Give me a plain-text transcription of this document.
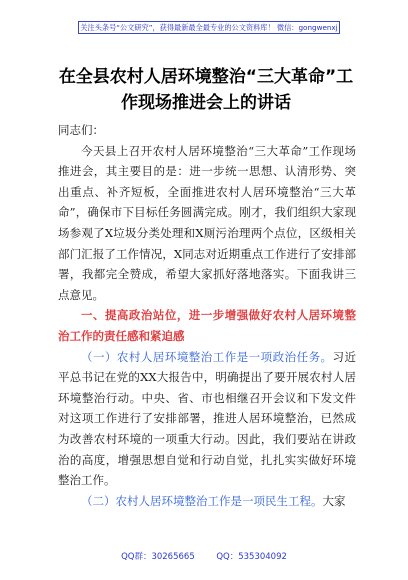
关注头条号“公文研究”，获得最新最全最专业的公文资料库！ 微信：gongwenxj
在全县农村人居环境整治“三大革命”工作现场推进会上的讲话

同志们：

今天县上召开农村人居环境整治“三大革命”工作现场推进会，其主要目的是：进一步统一思想、认清形势、突出重点、补齐短板，全面推进农村人居环境整治“三大革命”，确保市下目标任务圆满完成。刚才，我们组织大家现场参观了X垃圾分类处理和X厕污治理两个点位，区级相关部门汇报了工作情况，X同志对近期重点工作进行了安排部署，我都完全赞成，希望大家抓好落地落实。下面我讲三点意见。

一、提高政治站位，进一步增强做好农村人居环境整治工作的责任感和紧迫感

（一）农村人居环境整治工作是一项政治任务。习近平总书记在党的XX大报告中，明确提出了要开展农村人居环境整治行动。中央、省、市也相继召开会议和下发文件对这项工作进行了安排部署，推进人居环境整治，已然成为改善农村环境的一项重大行动。因此，我们要站在讲政治的高度，增强思想自觉和行动自觉，扎扎实实做好环境整治工作。

（二）农村人居环境整治工作是一项民生工程。大家

QQ群：30265665        QQ：535304092
